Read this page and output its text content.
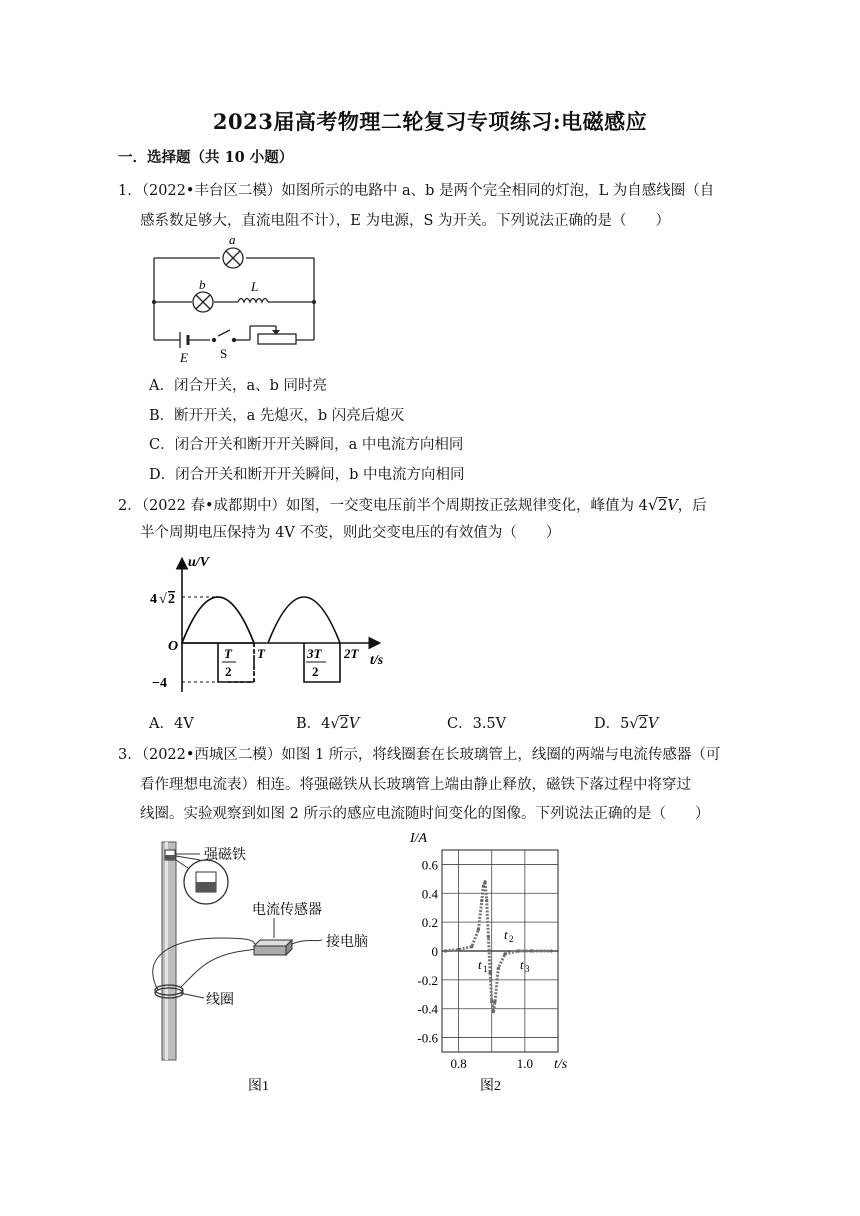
2023届高考物理二轮复习专项练习:电磁感应
一．选择题（共 10 小题）
1．（2022•丰台区二模）如图所示的电路中 a、b 是两个完全相同的灯泡，L 为自感线圈（自
感系数足够大，直流电阻不计），E 为电源，S 为开关。下列说法正确的是（　　）
a
b	L
E S
A．闭合开关，a、b 同时亮
B．断开开关，a 先熄灭，b 闪亮后熄灭
C．闭合开关和断开开关瞬间，a 中电流方向相同
D．闭合开关和断开开关瞬间，b 中电流方向相同
2．（2022 春•成都期中）如图，一交变电压前半个周期按正弦规律变化，峰值为 4√2V，后
半个周期电压保持为 4V 不变，则此交变电压的有效值为（　　）
u/V
t/s
O
4 √ 2
−4
T
2
T	3T
2
2T
A．4V	B．4√2V	C．3.5V	D．5√2V
3．（2022•西城区二模）如图 1 所示，将线圈套在长玻璃管上，线圈的两端与电流传感器（可
看作理想电流表）相连。将强磁铁从长玻璃管上端由静止释放，磁铁下落过程中将穿过
线圈。实验观察到如图 2 所示的感应电流随时间变化的图像。下列说法正确的是（　　）
强磁铁
线圈
电流传感器
接电脑
图1
0.6
0.4
0.2
0
-0.2
-0.4
-0.6
0.8	1.0
I/A
t/s
t 1
t 2
t 3
图2
